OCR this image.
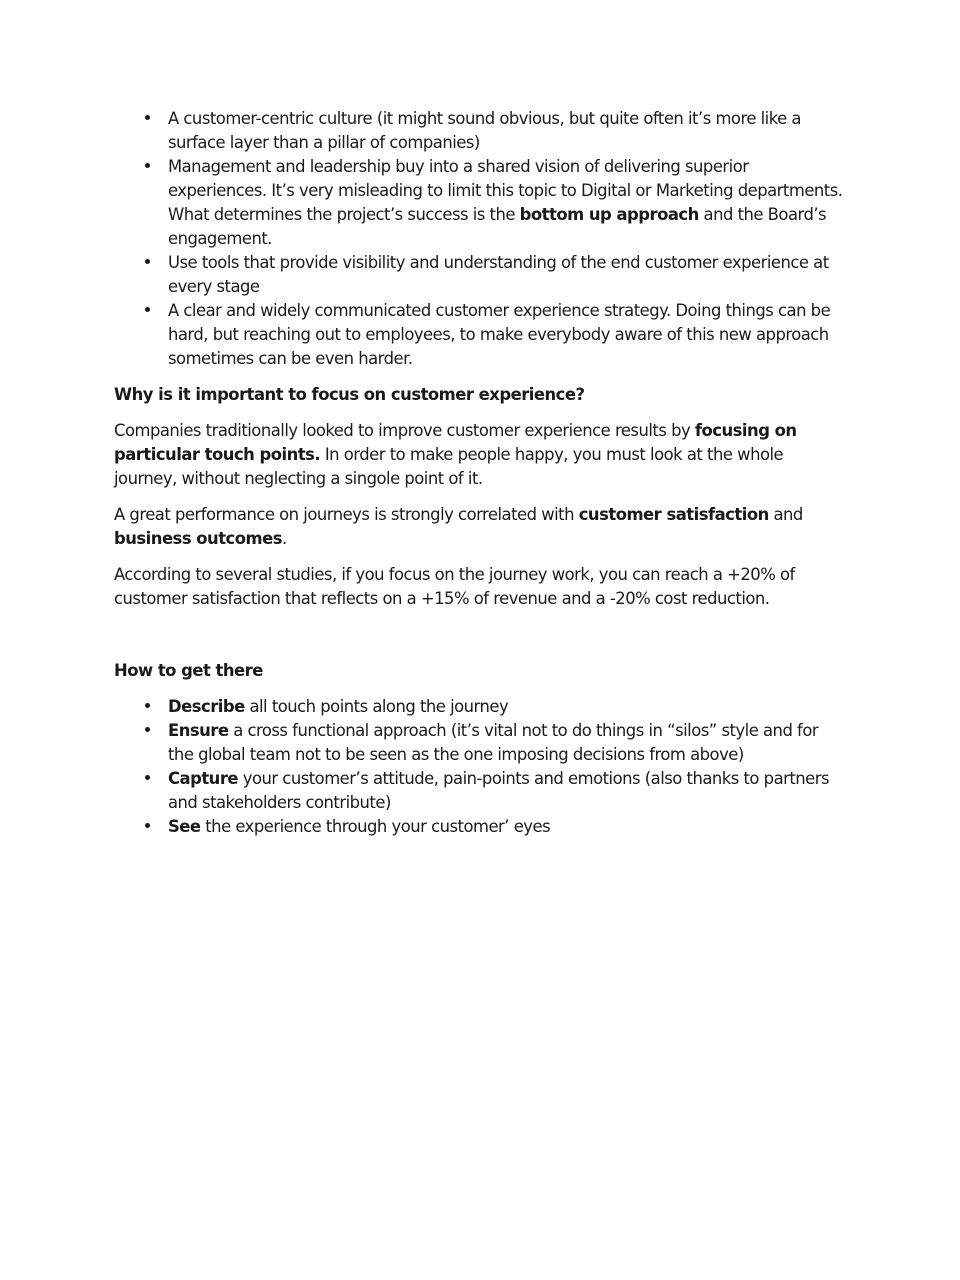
A customer-centric culture (it might sound obvious, but quite often it’s more like a surface layer than a pillar of companies)
Management and leadership buy into a shared vision of delivering superior experiences. It’s very misleading to limit this topic to Digital or Marketing departments. What determines the project’s success is the bottom up approach and the Board’s engagement.
Use tools that provide visibility and understanding of the end customer experience at every stage
A clear and widely communicated customer experience strategy. Doing things can be hard, but reaching out to employees, to make everybody aware of this new approach sometimes can be even harder.
Why is it important to focus on customer experience?

Companies traditionally looked to improve customer experience results by focusing on particular touch points. In order to make people happy, you must look at the whole journey, without neglecting a singole point of it.

A great performance on journeys is strongly correlated with customer satisfaction and business outcomes.

According to several studies, if you focus on the journey work, you can reach a +20% of customer satisfaction that reflects on a +15% of revenue and a -20% cost reduction.

How to get there
Describe all touch points along the journey
Ensure a cross functional approach (it’s vital not to do things in “silos” style and for the global team not to be seen as the one imposing decisions from above)
Capture your customer’s attitude, pain-points and emotions (also thanks to partners and stakeholders contribute)
See the experience through your customer’ eyes
